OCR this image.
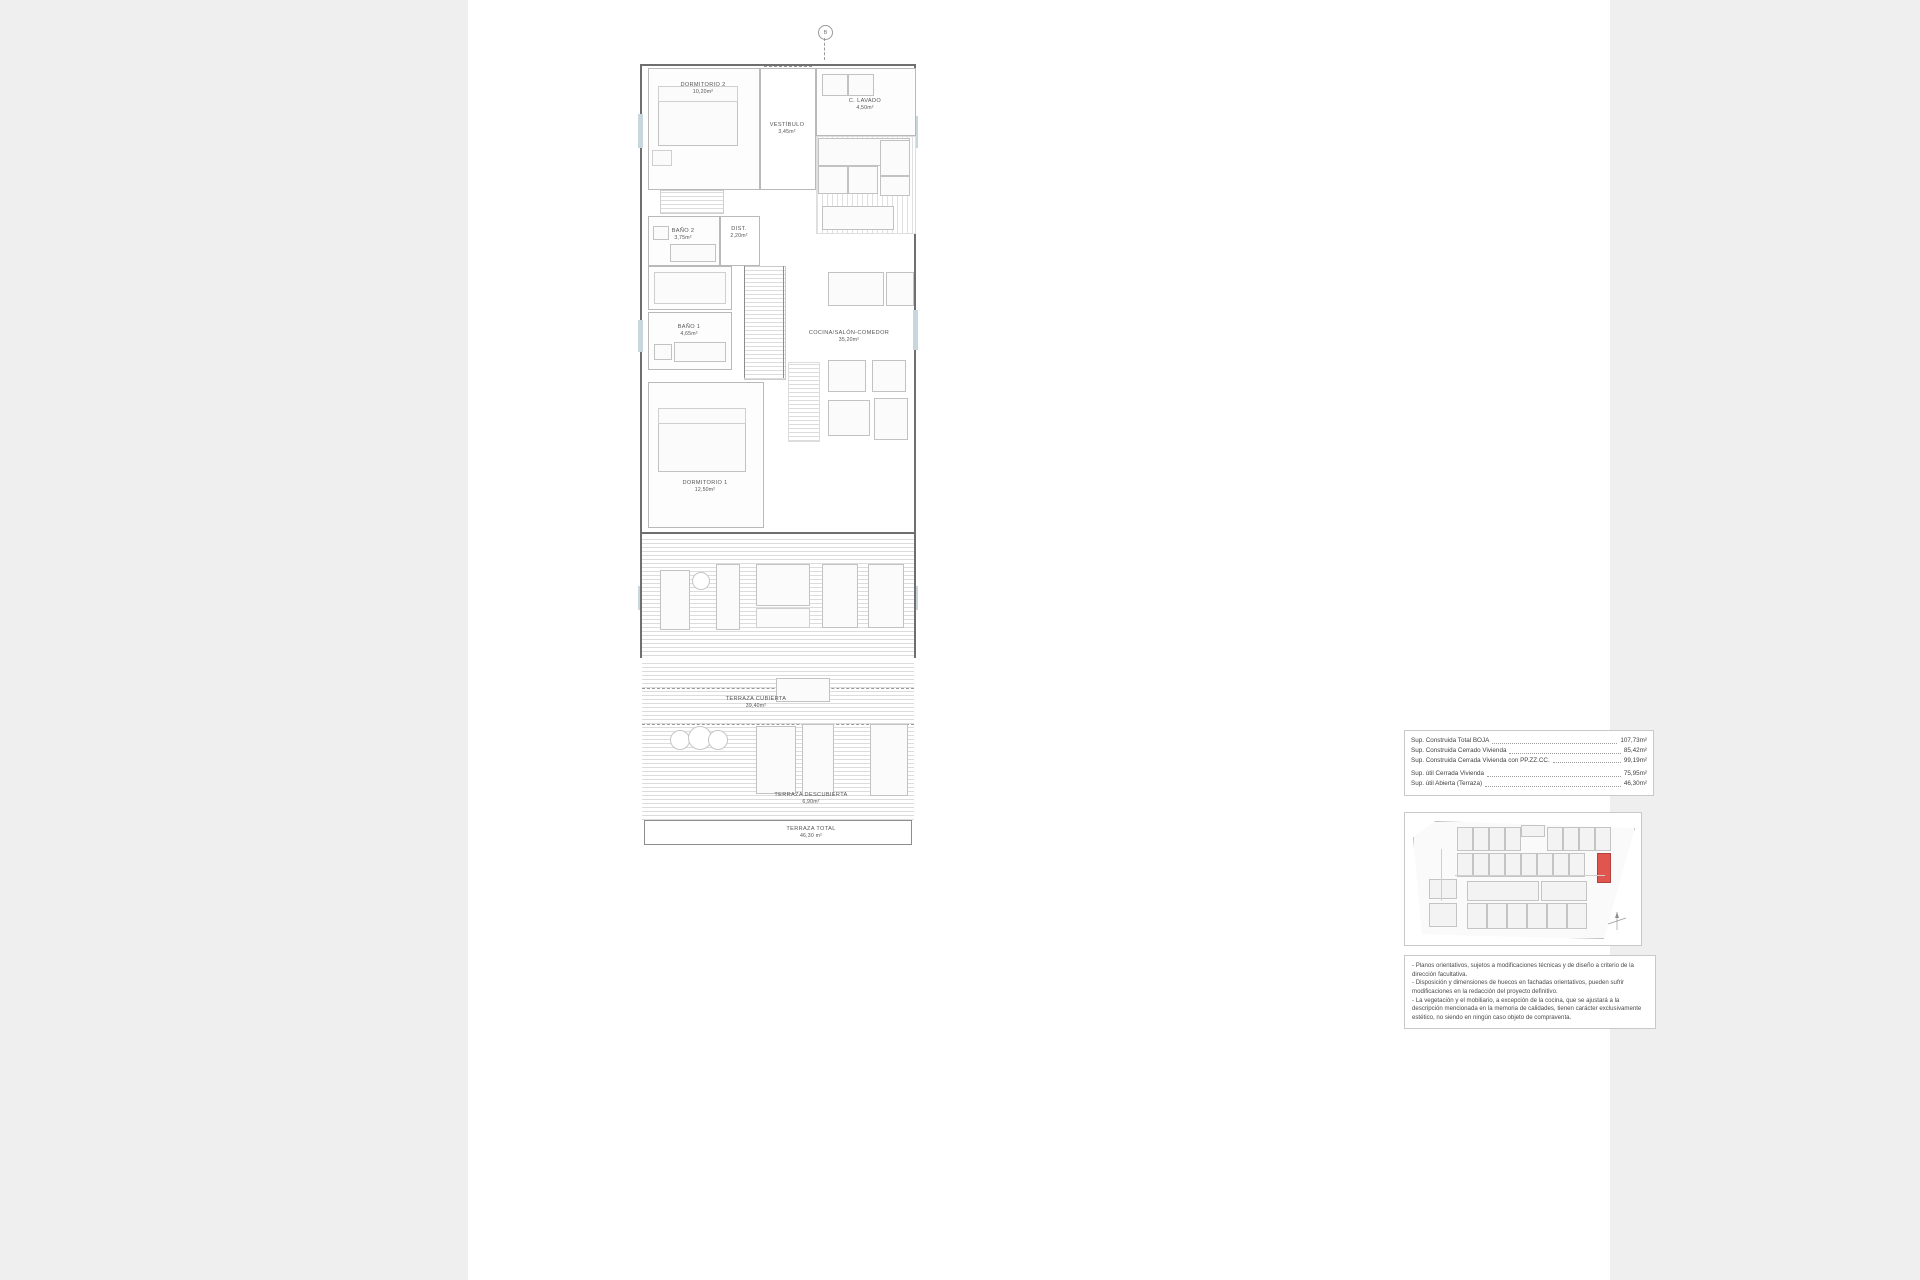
B
DORMITORIO 2
10,20m²
VESTÍBULO
3,45m²
C. LAVADO
4,50m²
BAÑO 2
3,75m²
DIST.
2,20m²
BAÑO 1
4,65m²	COCINA/SALÓN-COMEDOR
35,20m²
DORMITORIO 1
12,50m²
TERRAZA CUBIERTA
39,40m²
TERRAZA DESCUBIERTA
6,90m²
TERRAZA TOTAL
46,30 m²
Sup. Construida Total BOJA	107,73m²
Sup. Construida Cerrado Vivienda	85,42m²
Sup. Construida Cerrada Vivienda con PP.ZZ.CC.	99,19m²
Sup. útil Cerrada Vivienda	75,95m²
Sup. útil Abierta (Terraza)	46,30m²

- Planos orientativos, sujetos a modificaciones técnicas y de diseño a criterio de la dirección facultativa.

- Disposición y dimensiones de huecos en fachadas orientativos, pueden sufrir modificaciones en la redacción del proyecto definitivo.

- La vegetación y el mobiliario, a excepción de la cocina, que se ajustará a la descripción mencionada en la memoria de calidades, tienen carácter exclusivamente estético, no siendo en ningún caso objeto de compraventa.
